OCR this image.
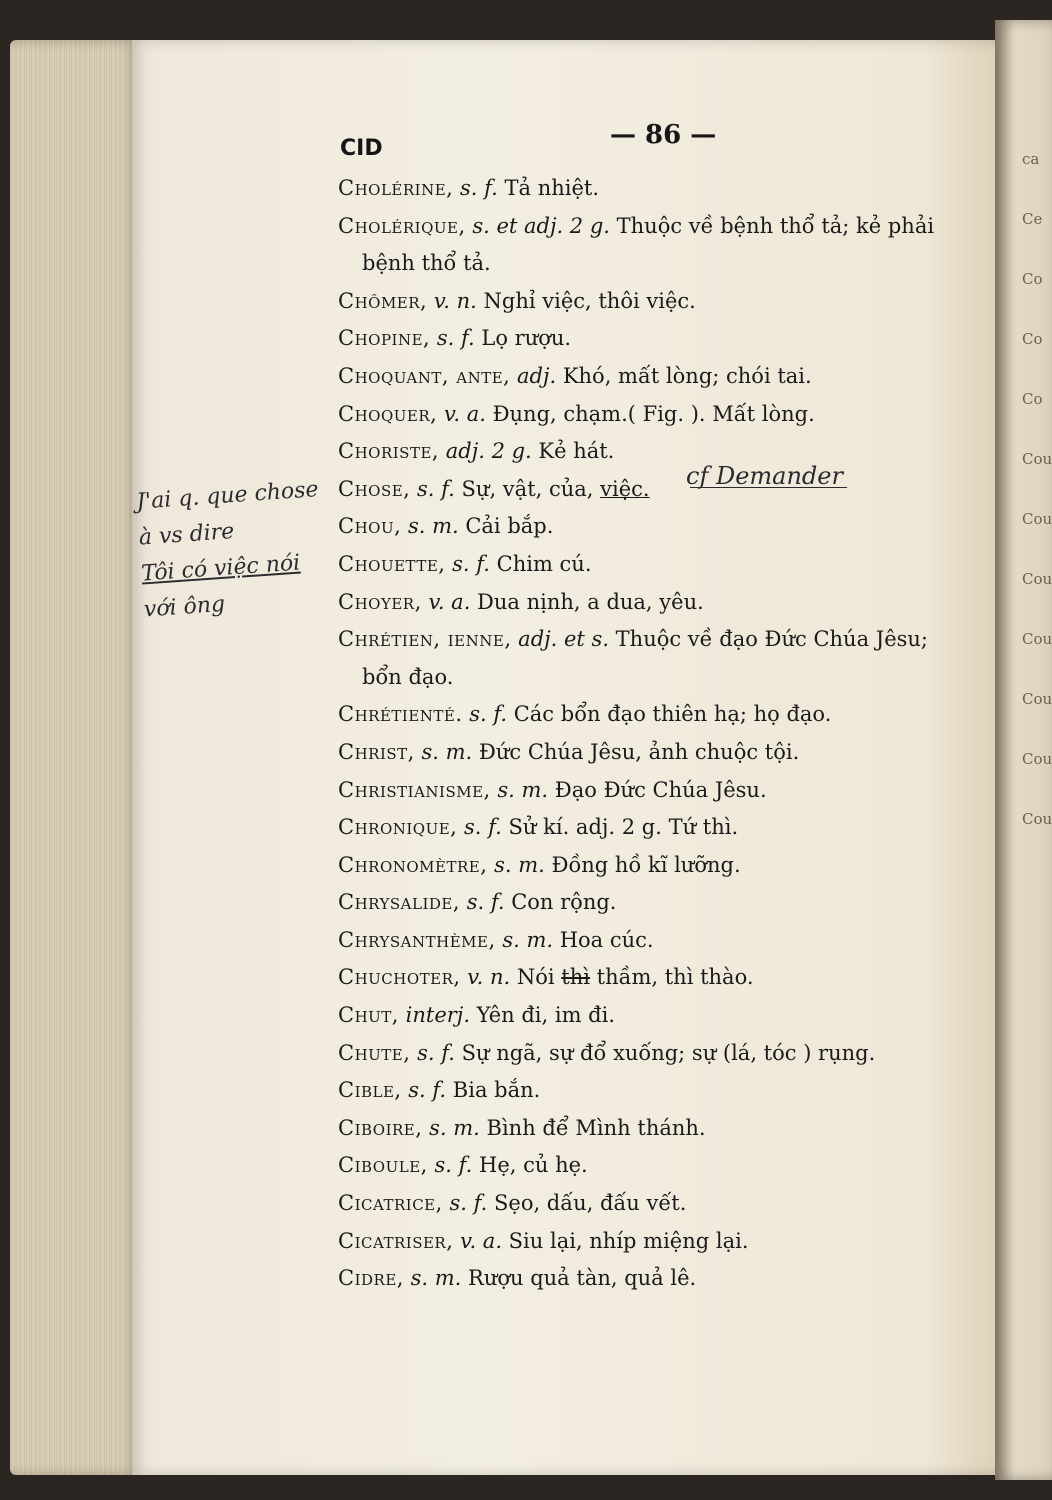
ca
Ce
Co
Co
Co
Cou
Cou
Cou
Cou
Cou
Cou
Cou
CID	— 86 —
Cholérine, s. f. Tả nhiệt.
Cholérique, s. et adj. 2 g. Thuộc về bệnh thổ tả; kẻ phải
bệnh thổ tả.
Chômer, v. n. Nghỉ việc, thôi việc.
Chopine, s. f. Lọ rượu.
Choquant, ante, adj. Khó, mất lòng; chói tai.
Choquer, v. a. Đụng, chạm.( Fig. ). Mất lòng.
Choriste, adj. 2 g. Kẻ hát.
Chose, s. f. Sự, vật, của, việc.
Chou, s. m. Cải bắp.
Chouette, s. f. Chim cú.
Choyer, v. a. Dua nịnh, a dua, yêu.
Chrétien, ienne, adj. et s. Thuộc về đạo Đức Chúa Jêsu;
bổn đạo.
Chrétienté. s. f. Các bổn đạo thiên hạ; họ đạo.
Christ, s. m. Đức Chúa Jêsu, ảnh chuộc tội.
Christianisme, s. m. Đạo Đức Chúa Jêsu.
Chronique, s. f. Sử kí. adj. 2 g. Tứ thì.
Chronomètre, s. m. Đồng hồ kĩ lưỡng.
Chrysalide, s. f. Con rộng.
Chrysanthème, s. m. Hoa cúc.
Chuchoter, v. n. Nói thì thầm, thì thào.
Chut, interj. Yên đi, im đi.
Chute, s. f. Sự ngã, sự đổ xuống; sự (lá, tóc ) rụng.
Cible, s. f. Bia bắn.
Ciboire, s. m. Bình để Mình thánh.
Ciboule, s. f. Hẹ, củ hẹ.
Cicatrice, s. f. Sẹo, dấu, đấu vết.
Cicatriser, v. a. Siu lại, nhíp miệng lại.
Cidre, s. m. Rượu quả tàn, quả lê.
J'ai q. que chose
à vs dire
Tôi có việc nói
với ông
cf Demander
